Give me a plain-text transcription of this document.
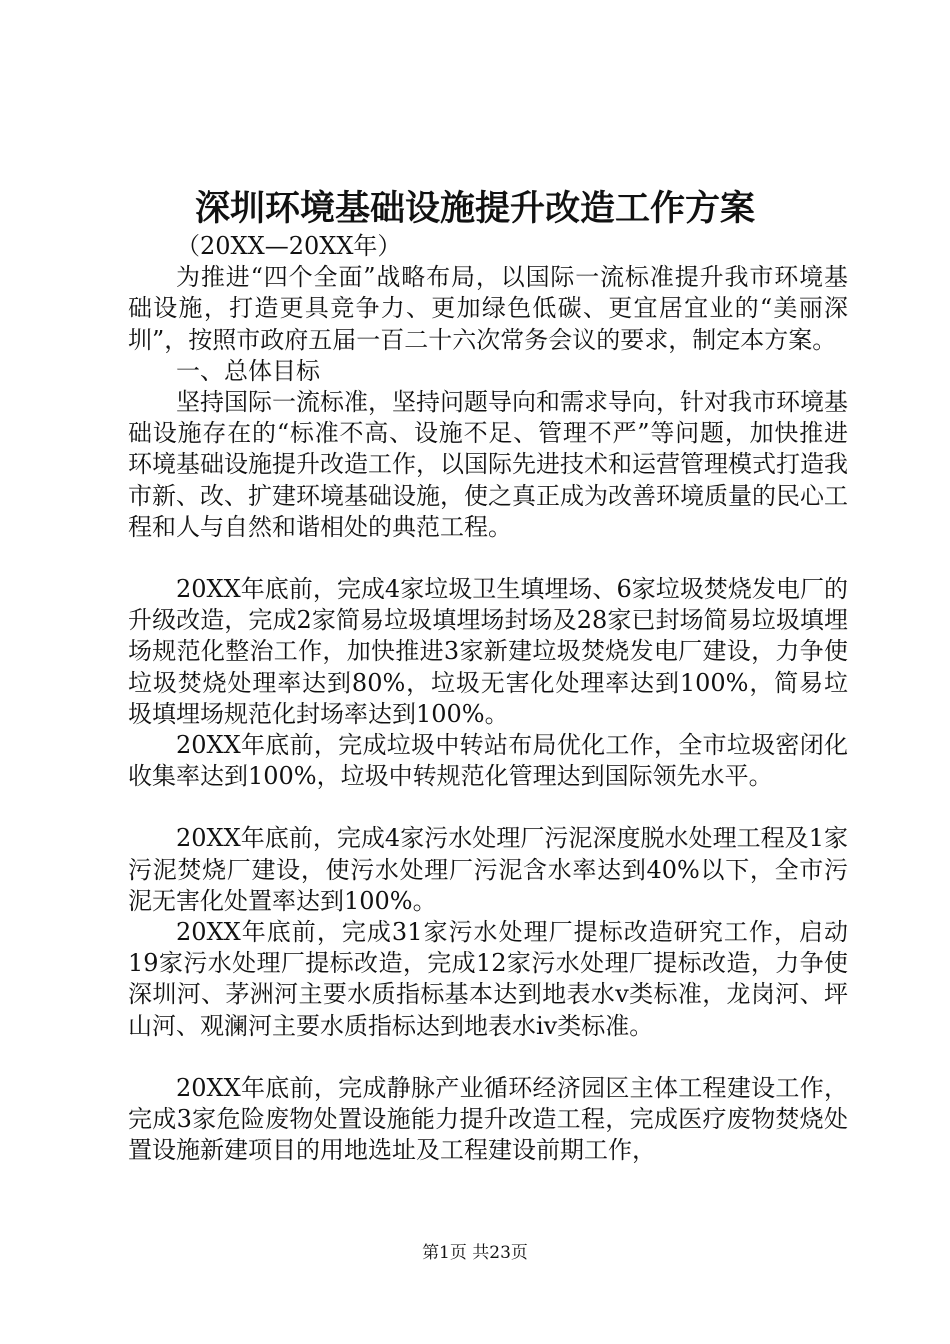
深圳环境基础设施提升改造工作方案

（20XX—20XX年）

为推进“四个全面”战略布局，以国际一流标准提升我市环境基础设施，打造更具竞争力、更加绿色低碳、更宜居宜业的“美丽深圳”，按照市政府五届一百二十六次常务会议的要求，制定本方案。

一、总体目标

坚持国际一流标准，坚持问题导向和需求导向，针对我市环境基础设施存在的“标准不高、设施不足、管理不严”等问题，加快推进环境基础设施提升改造工作，以国际先进技术和运营管理模式打造我市新、改、扩建环境基础设施，使之真正成为改善环境质量的民心工程和人与自然和谐相处的典范工程。

20XX年底前，完成4家垃圾卫生填埋场、6家垃圾焚烧发电厂的升级改造，完成2家简易垃圾填埋场封场及28家已封场简易垃圾填埋场规范化整治工作，加快推进3家新建垃圾焚烧发电厂建设，力争使垃圾焚烧处理率达到80%，垃圾无害化处理率达到100%，简易垃圾填埋场规范化封场率达到100%。

20XX年底前，完成垃圾中转站布局优化工作，全市垃圾密闭化收集率达到100%，垃圾中转规范化管理达到国际领先水平。

20XX年底前，完成4家污水处理厂污泥深度脱水处理工程及1家污泥焚烧厂建设，使污水处理厂污泥含水率达到40%以下，全市污泥无害化处置率达到100%。

20XX年底前，完成31家污水处理厂提标改造研究工作，启动19家污水处理厂提标改造，完成12家污水处理厂提标改造，力争使深圳河、茅洲河主要水质指标基本达到地表水ⅴ类标准，龙岗河、坪山河、观澜河主要水质指标达到地表水ⅳ类标准。

20XX年底前，完成静脉产业循环经济园区主体工程建设工作，完成3家危险废物处置设施能力提升改造工程，完成医疗废物焚烧处置设施新建项目的用地选址及工程建设前期工作，

第1页 共23页
